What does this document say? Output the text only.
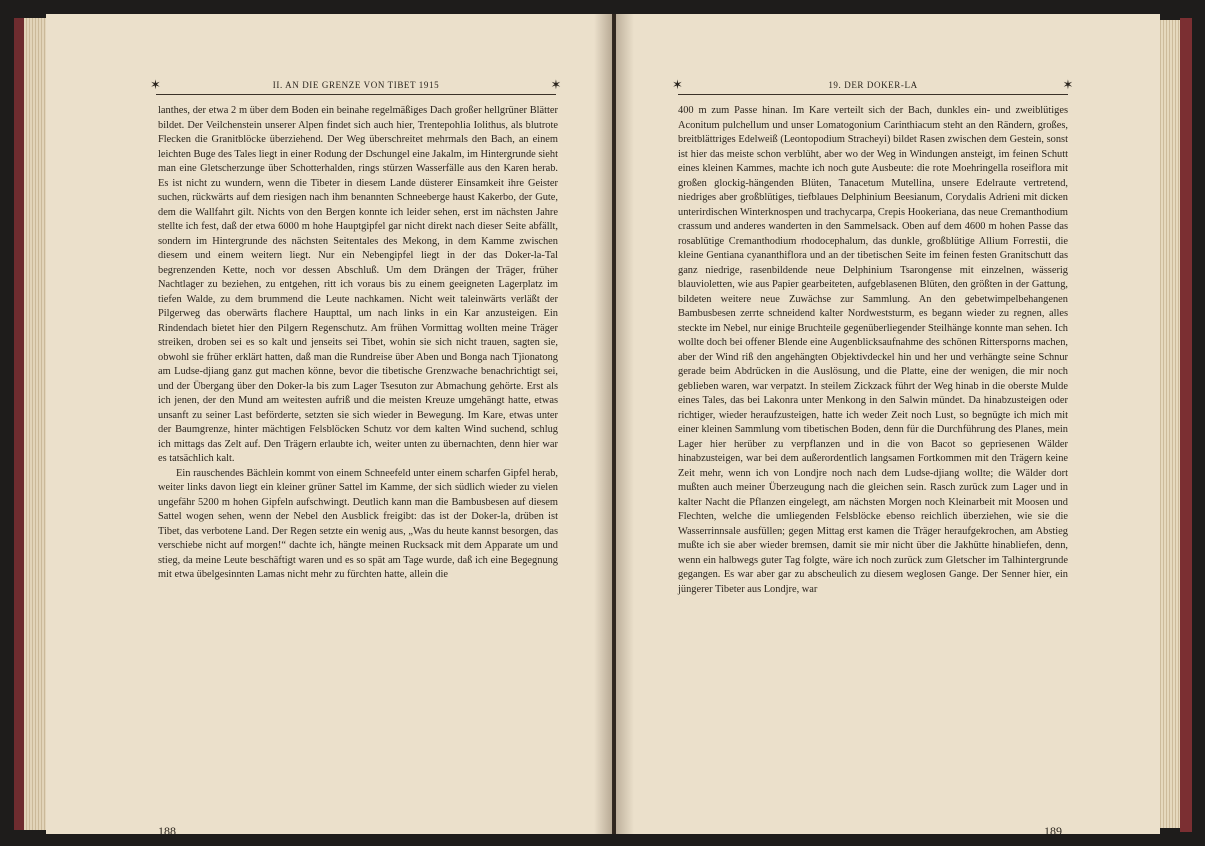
✶	II. AN DIE GRENZE VON TIBET 1915	✶

lanthes, der etwa 2 m über dem Boden ein beinahe regelmäßiges Dach großer hellgrüner Blätter bildet. Der Veilchenstein unserer Alpen findet sich auch hier, Trentepohlia Iolithus, als blutrote Flecken die Granitblöcke überziehend. Der Weg überschreitet mehrmals den Bach, an einem leichten Buge des Tales liegt in einer Rodung der Dschungel eine Jakalm, im Hintergrunde sieht man eine Gletscherzunge über Schotterhalden, rings stürzen Wasserfälle aus den Karen herab. Es ist nicht zu wundern, wenn die Tibeter in diesem Lande düsterer Einsamkeit ihre Geister suchen, rückwärts auf dem riesigen nach ihm benannten Schneeberge haust Kakerbo, der Gute, dem die Wallfahrt gilt. Nichts von den Bergen konnte ich leider sehen, erst im nächsten Jahre stellte ich fest, daß der etwa 6000 m hohe Hauptgipfel gar nicht direkt nach dieser Seite abfällt, sondern im Hintergrunde des nächsten Seitentales des Mekong, in dem Kamme zwischen diesem und einem weitern liegt. Nur ein Nebengipfel liegt in der das Doker-la-Tal begrenzenden Kette, noch vor dessen Abschluß. Um dem Drängen der Träger, früher Nachtlager zu beziehen, zu entgehen, ritt ich voraus bis zu einem geeigneten Lagerplatz im tiefen Walde, zu dem brummend die Leute nachkamen. Nicht weit taleinwärts verläßt der Pilgerweg das oberwärts flachere Haupttal, um nach links in ein Kar anzusteigen. Ein Rindendach bietet hier den Pilgern Regenschutz. Am frühen Vormittag wollten meine Träger streiken, droben sei es so kalt und jenseits sei Tibet, wohin sie sich nicht trauen, sagten sie, obwohl sie früher erklärt hatten, daß man die Rundreise über Aben und Bonga nach Tjionatong am Ludse-djiang ganz gut machen könne, bevor die tibetische Grenzwache benachrichtigt sei, und der Übergang über den Doker-la bis zum Lager Tsesuton zur Abmachung gehörte. Erst als ich jenen, der den Mund am weitesten aufriß und die meisten Kreuze umgehängt hatte, etwas unsanft zu seiner Last beförderte, setzten sie sich wieder in Bewegung. Im Kare, etwas unter der Baumgrenze, hinter mächtigen Felsblöcken Schutz vor dem kalten Wind suchend, schlug ich mittags das Zelt auf. Den Trägern erlaubte ich, weiter unten zu übernachten, denn hier war es tatsächlich kalt.

Ein rauschendes Bächlein kommt von einem Schneefeld unter einem scharfen Gipfel herab, weiter links davon liegt ein kleiner grüner Sattel im Kamme, der sich südlich wieder zu vielen ungefähr 5200 m hohen Gipfeln aufschwingt. Deutlich kann man die Bambusbesen auf diesem Sattel wogen sehen, wenn der Nebel den Ausblick freigibt: das ist der Doker-la, drüben ist Tibet, das verbotene Land. Der Regen setzte ein wenig aus, „Was du heute kannst besorgen, das verschiebe nicht auf morgen!“ dachte ich, hängte meinen Rucksack mit dem Apparate um und stieg, da meine Leute beschäftigt waren und es so spät am Tage wurde, daß ich eine Begegnung mit etwa übelgesinnten Lamas nicht mehr zu fürchten hatte, allein die

188
✶	19. DER DOKER-LA	✶

400 m zum Passe hinan. Im Kare verteilt sich der Bach, dunkles ein- und zweiblütiges Aconitum pulchellum und unser Lomatogonium Carinthiacum steht an den Rändern, großes, breitblättriges Edelweiß (Leontopodium Stracheyi) bildet Rasen zwischen dem Gestein, sonst ist hier das meiste schon verblüht, aber wo der Weg in Windungen ansteigt, im feinen Schutt eines kleinen Kammes, machte ich noch gute Ausbeute: die rote Moehringella roseiflora mit großen glockig-hängenden Blüten, Tanacetum Mutellina, unsere Edelraute vertretend, niedriges aber großblütiges, tiefblaues Delphinium Beesianum, Corydalis Adrieni mit dicken unterirdischen Winterknospen und trachycarpa, Crepis Hookeriana, das neue Cremanthodium crassum und anderes wanderten in den Sammelsack. Oben auf dem 4600 m hohen Passe das rosablütige Cremanthodium rhodocephalum, das dunkle, großblütige Allium Forrestii, die kleine Gentiana cyananthiflora und an der tibetischen Seite im feinen festen Granitschutt das ganz niedrige, rasenbildende neue Delphinium Tsarongense mit einzelnen, wässerig blauvioletten, wie aus Papier gearbeiteten, aufgeblasenen Blüten, den größten in der Gattung, bildeten weitere neue Zuwächse zur Sammlung. An den gebetwimpelbehangenen Bambusbesen zerrte schneidend kalter Nordweststurm, es begann wieder zu regnen, alles steckte im Nebel, nur einige Bruchteile gegenüberliegender Steilhänge konnte man sehen. Ich wollte doch bei offener Blende eine Augenblicksaufnahme des schönen Rittersporns machen, aber der Wind riß den angehängten Objektivdeckel hin und her und verhängte seine Schnur gerade beim Abdrücken in die Auslösung, und die Platte, eine der wenigen, die mir noch geblieben waren, war verpatzt. In steilem Zickzack führt der Weg hinab in die oberste Mulde eines Tales, das bei Lakonra unter Menkong in den Salwin mündet. Da hinabzusteigen oder richtiger, wieder heraufzusteigen, hatte ich weder Zeit noch Lust, so begnügte ich mich mit einer kleinen Sammlung vom tibetischen Boden, denn für die Durchführung des Planes, mein Lager hier herüber zu verpflanzen und in die von Bacot so gepriesenen Wälder hinabzusteigen, war bei dem außerordentlich langsamen Fortkommen mit den Trägern keine Zeit mehr, wenn ich von Londjre noch nach dem Ludse-djiang wollte; die Wälder dort mußten auch meiner Überzeugung nach die gleichen sein. Rasch zurück zum Lager und in kalter Nacht die Pflanzen eingelegt, am nächsten Morgen noch Kleinarbeit mit Moosen und Flechten, welche die umliegenden Felsblöcke ebenso reichlich überziehen, wie sie die Wasserrinnsale ausfüllen; gegen Mittag erst kamen die Träger heraufgekrochen, am Abstieg mußte ich sie aber wieder bremsen, damit sie mir nicht über die Jakhütte hinabliefen, denn, wenn ein halbwegs guter Tag folgte, wäre ich noch zurück zum Gletscher im Talhintergrunde gegangen. Es war aber gar zu abscheulich zu diesem weglosen Gange. Der Senner hier, ein jüngerer Tibeter aus Londjre, war

189
